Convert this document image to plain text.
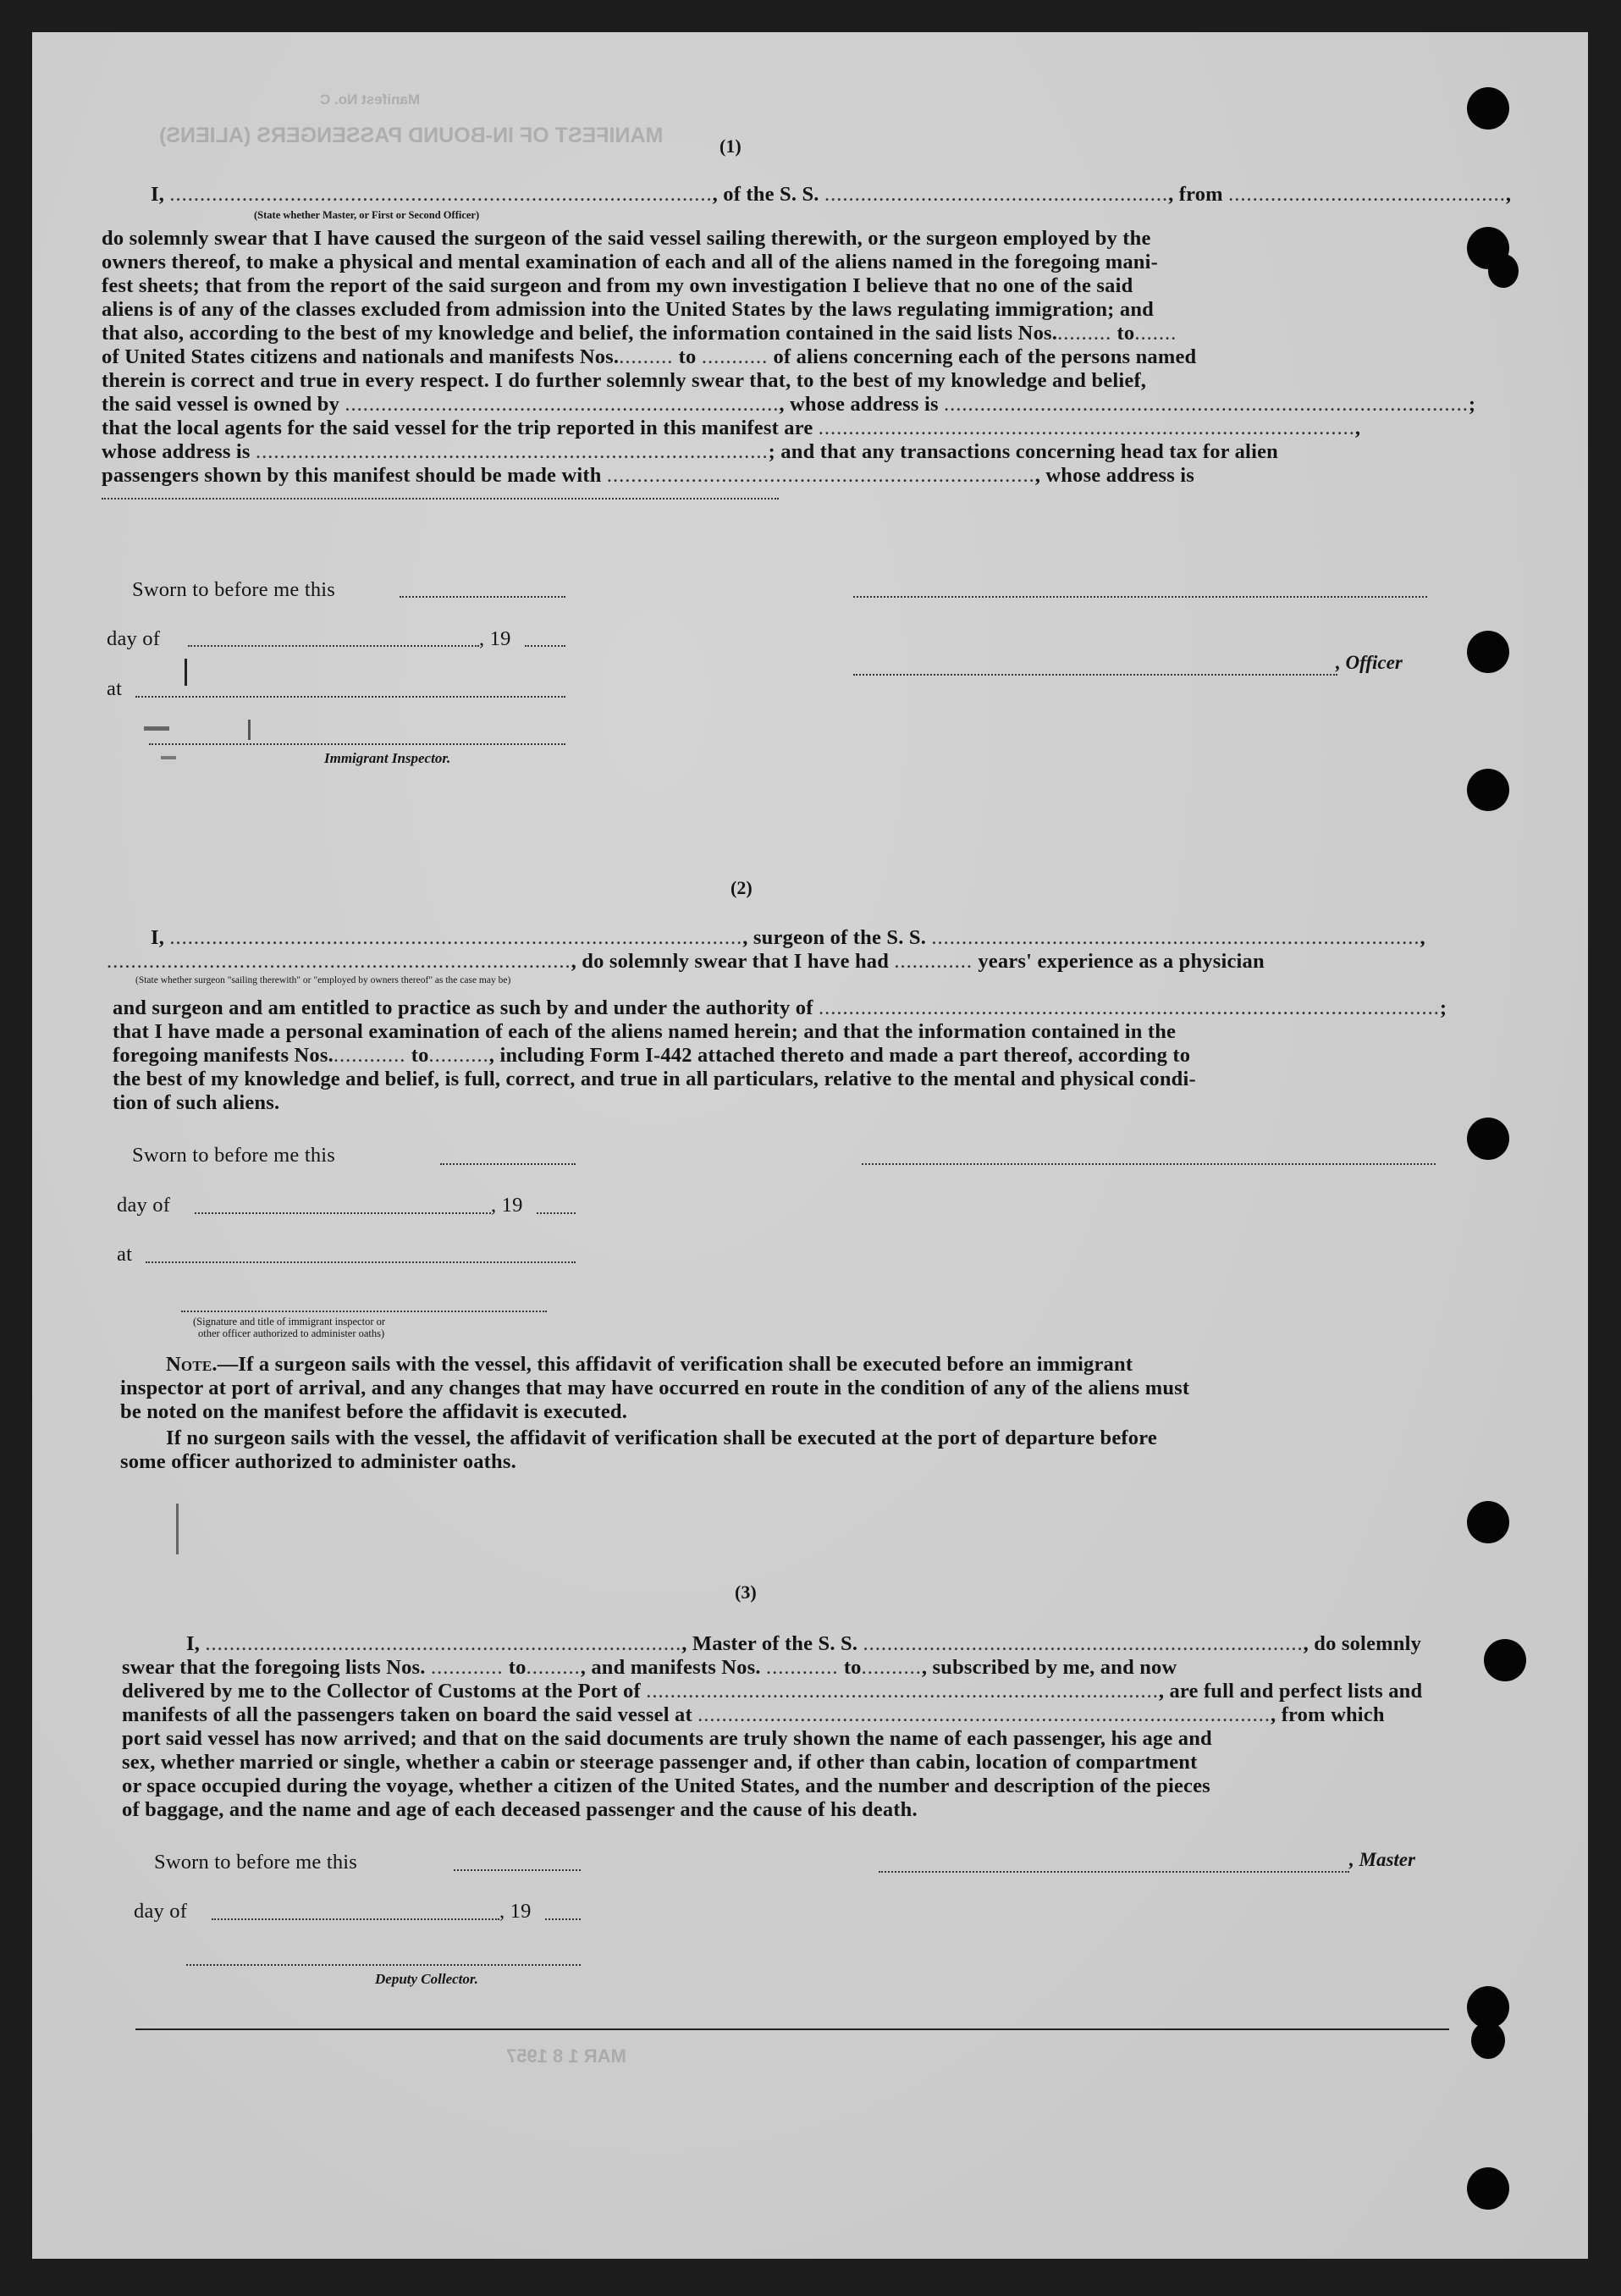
Manifest No. C
MANIFEST OF IN-BOUND PASSENGERS (ALIENS)
MAR 1 8 1957
(1)
I, .........................................................................................., of the S. S. ........................................................., from ..............................................,
(State whether Master, or First or Second Officer)
do solemnly swear that I have caused the surgeon of the said vessel sailing therewith, or the surgeon employed by the
owners thereof, to make a physical and mental examination of each and all of the aliens named in the foregoing mani-
fest sheets; that from the report of the said surgeon and from my own investigation I believe that no one of the said
aliens is of any of the classes excluded from admission into the United States by the laws regulating immigration; and
that also, according to the best of my knowledge and belief, the information contained in the said lists Nos.......... to.......
of United States citizens and nationals and manifests Nos.......... to ........... of aliens concerning each of the persons named
therein is correct and true in every respect. I do further solemnly swear that, to the best of my knowledge and belief,
the said vessel is owned by ........................................................................, whose address is .......................................................................................;
that the local agents for the said vessel for the trip reported in this manifest are .........................................................................................,
whose address is .....................................................................................; and that any transactions concerning head tax for alien
passengers shown by this manifest should be made with ......................................................................., whose address is
Sworn to before me this
day of	, 19
at
Immigrant Inspector.
, Officer
(2)
I, ..............................................................................................., surgeon of the S. S. .................................................................................,
............................................................................., do solemnly swear that I have had ............. years' experience as a physician
(State whether surgeon "sailing therewith" or "employed by owners thereof" as the case may be)
and surgeon and am entitled to practice as such by and under the authority of .......................................................................................................;
that I have made a personal examination of each of the aliens named herein; and that the information contained in the
foregoing manifests Nos............. to.........., including Form I-442 attached thereto and made a part thereof, according to
the best of my knowledge and belief, is full, correct, and true in all particulars, relative to the mental and physical condi-
tion of such aliens.
Sworn to before me this
day of	, 19
at
(Signature and title of immigrant inspector or
other officer authorized to administer oaths)
Note.—If a surgeon sails with the vessel, this affidavit of verification shall be executed before an immigrant
inspector at port of arrival, and any changes that may have occurred en route in the condition of any of the aliens must
be noted on the manifest before the affidavit is executed.
If no surgeon sails with the vessel, the affidavit of verification shall be executed at the port of departure before
some officer authorized to administer oaths.
(3)
I, ..............................................................................., Master of the S. S. ........................................................................., do solemnly
swear that the foregoing lists Nos. ............ to........., and manifests Nos. ............ to.........., subscribed by me, and now
delivered by me to the Collector of Customs at the Port of ....................................................................................., are full and perfect lists and
manifests of all the passengers taken on board the said vessel at ..............................................................................................., from which
port said vessel has now arrived; and that on the said documents are truly shown the name of each passenger, his age and
sex, whether married or single, whether a cabin or steerage passenger and, if other than cabin, location of compartment
or space occupied during the voyage, whether a citizen of the United States, and the number and description of the pieces
of baggage, and the name and age of each deceased passenger and the cause of his death.
Sworn to before me this	, Master
day of	, 19
Deputy Collector.
